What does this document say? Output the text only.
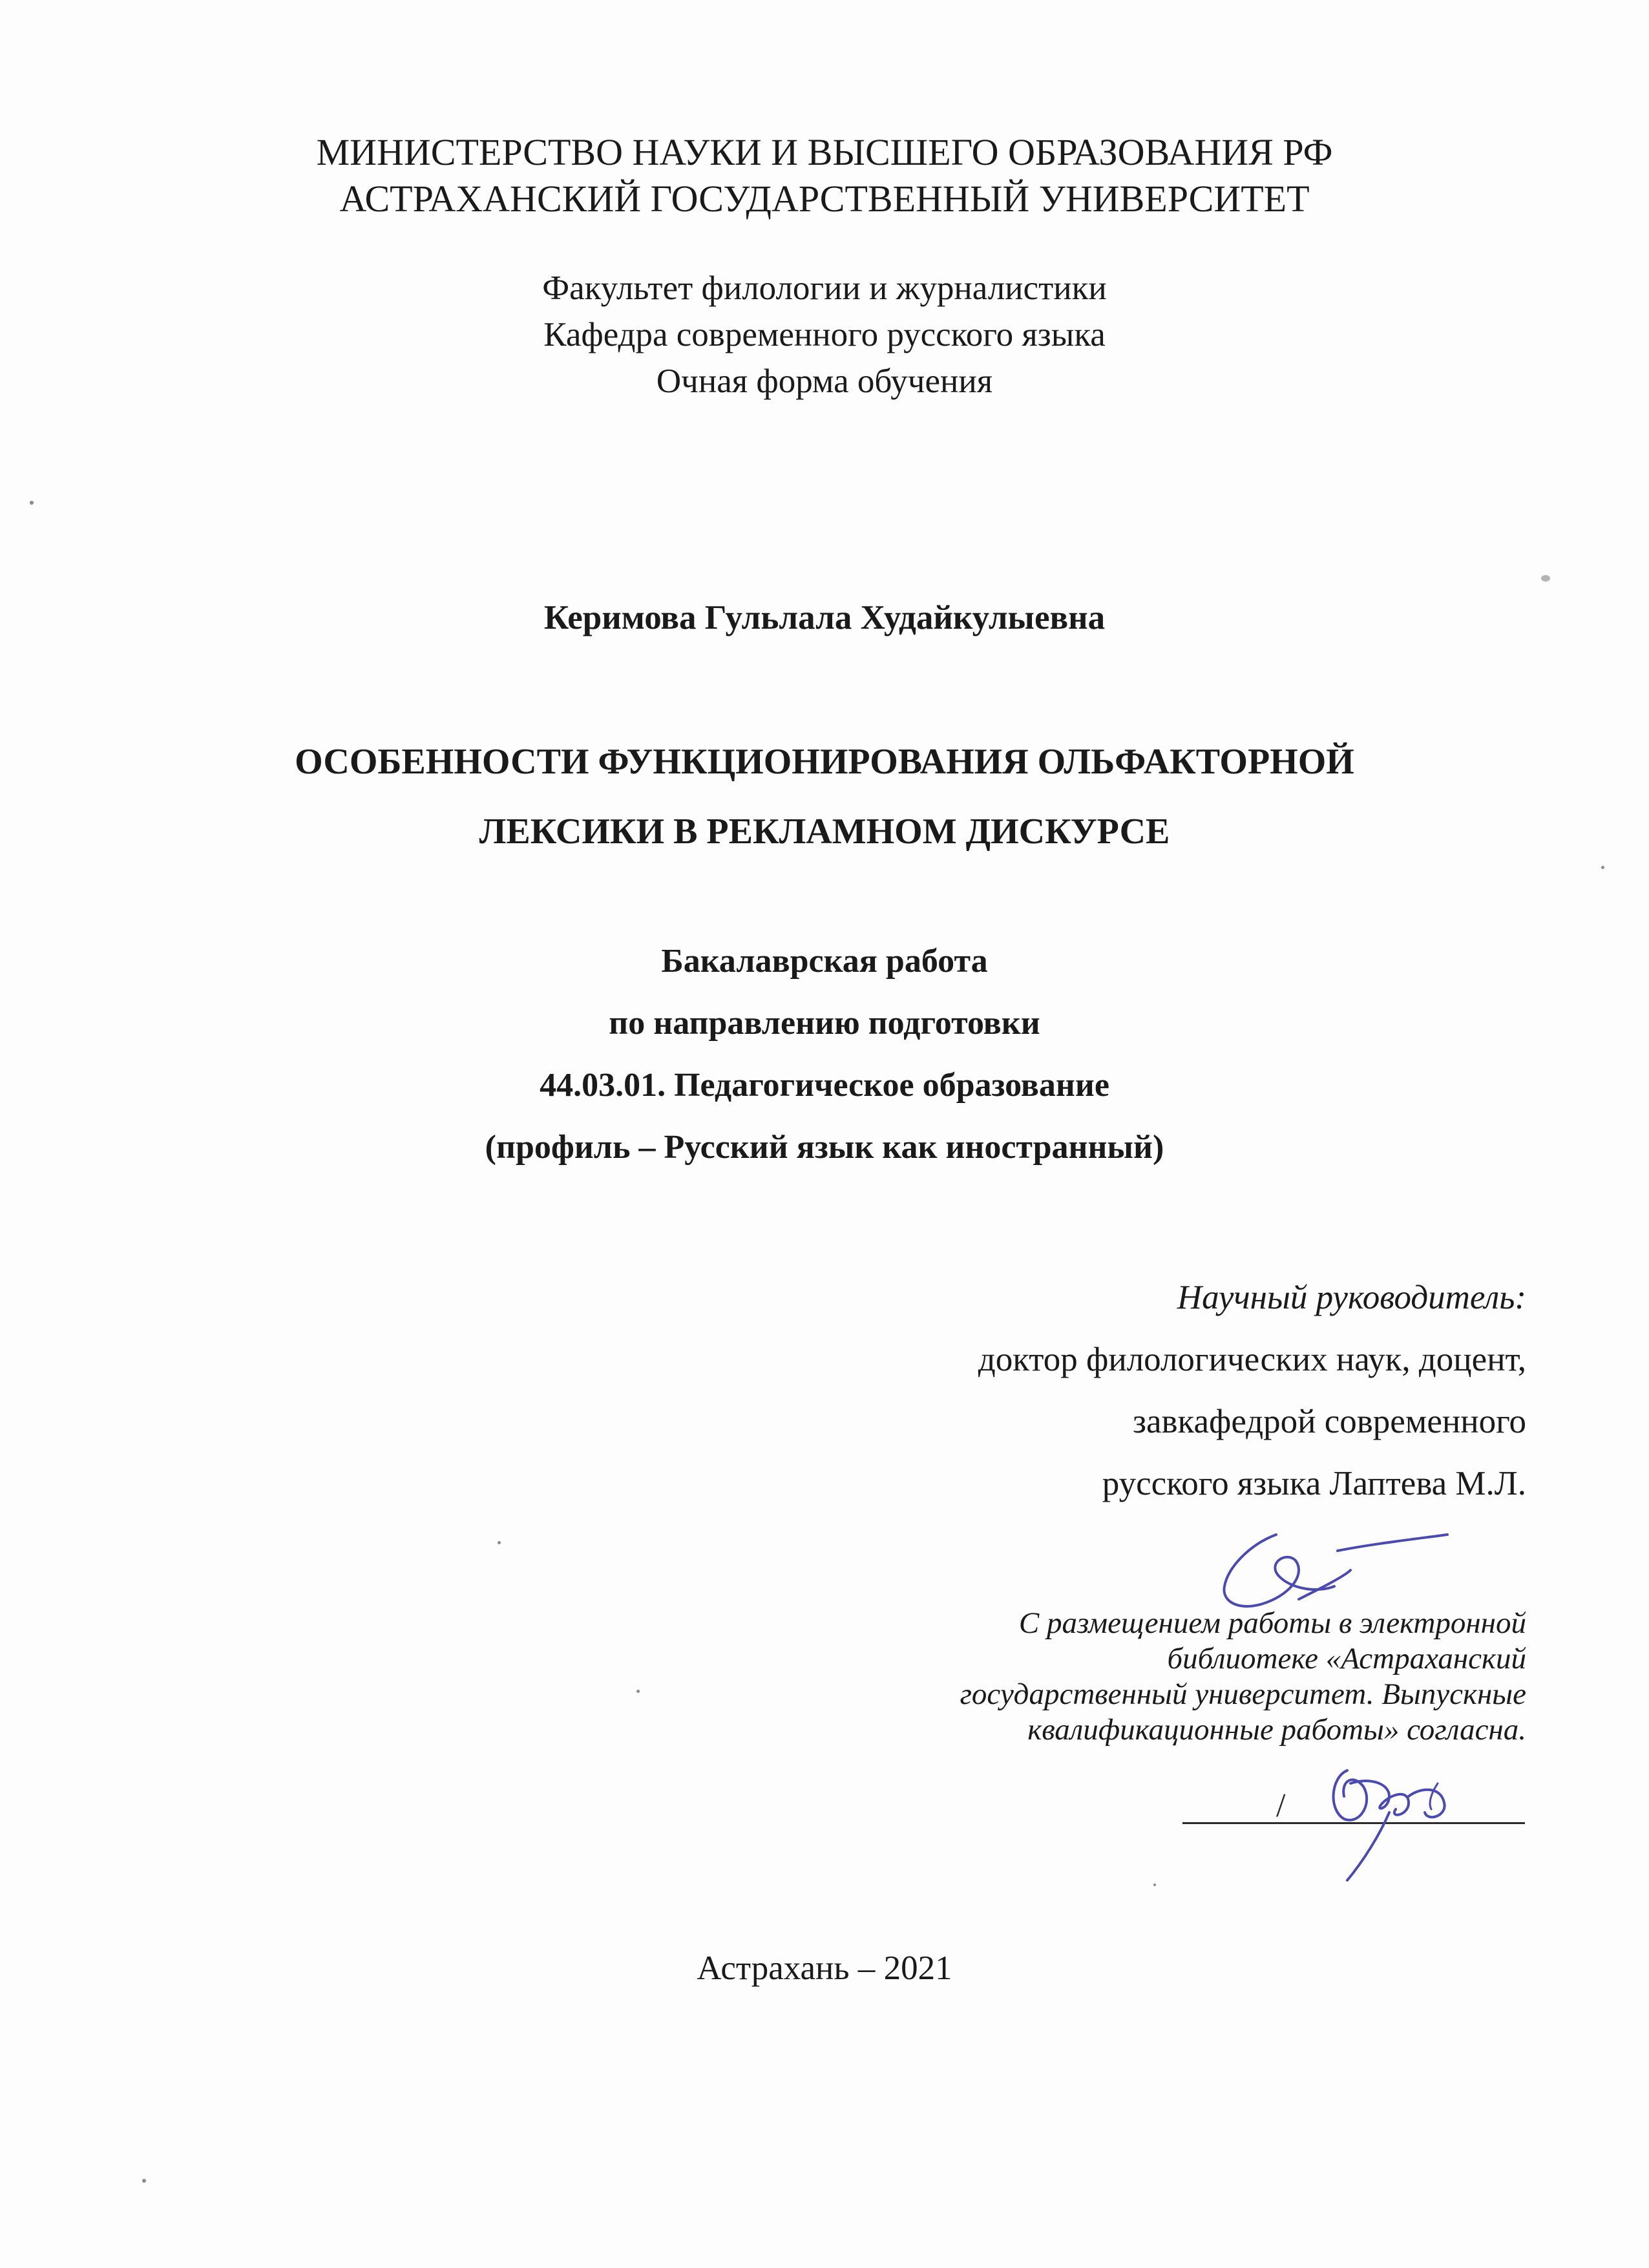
МИНИСТЕРСТВО НАУКИ И ВЫСШЕГО ОБРАЗОВАНИЯ РФ
АСТРАХАНСКИЙ ГОСУДАРСТВЕННЫЙ УНИВЕРСИТЕТ
Факультет филологии и журналистики
Кафедра современного русского языка
Очная форма обучения
Керимова Гульлала Худайкулыевна
ОСОБЕННОСТИ ФУНКЦИОНИРОВАНИЯ ОЛЬФАКТОРНОЙ
ЛЕКСИКИ В РЕКЛАМНОМ ДИСКУРСЕ
Бакалаврская работа
по направлению подготовки
44.03.01. Педагогическое образование
(профиль – Русский язык как иностранный)
Научный руководитель:
доктор филологических наук, доцент,
завкафедрой современного
русского языка Лаптева М.Л.
С размещением работы в электронной
библиотеке «Астраханский
государственный университет. Выпускные
квалификационные работы» согласна.
/
Астрахань – 2021
